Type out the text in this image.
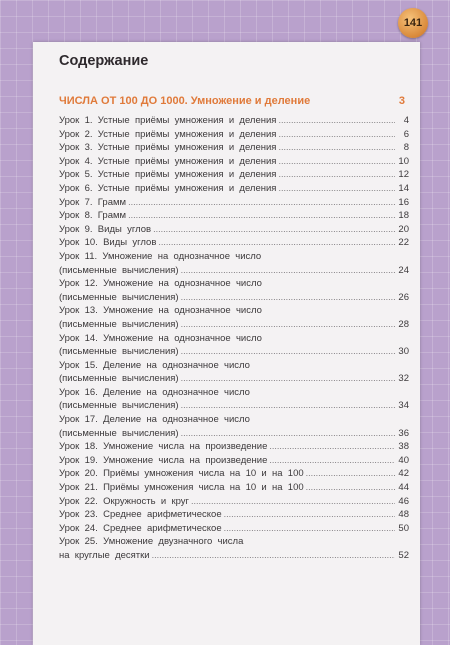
141
Содержание
ЧИСЛА ОТ 100 ДО 1000. Умножение и деление	3
Урок  1.  Устные  приёмы  умножения  и  деления .....	4
Урок  2.  Устные  приёмы  умножения  и  деления .....	6
Урок  3.  Устные  приёмы  умножения  и  деления .....	8
Урок  4.  Устные  приёмы  умножения  и  деления .....	10
Урок  5.  Устные  приёмы  умножения  и  деления .....	12
Урок  6.  Устные  приёмы  умножения  и  деления .....	14
Урок  7.  Грамм .....	16
Урок  8.  Грамм .....	18
Урок  9.  Виды  углов .....	20
Урок  10.  Виды  углов .....	22
Урок  11.  Умножение  на  однозначное  число
(письменные  вычисления) .....	24
Урок  12.  Умножение  на  однозначное  число
(письменные  вычисления) .....	26
Урок  13.  Умножение  на  однозначное  число
(письменные  вычисления) .....	28
Урок  14.  Умножение  на  однозначное  число
(письменные  вычисления) .....	30
Урок  15.  Деление  на  однозначное  число
(письменные  вычисления) .....	32
Урок  16.  Деление  на  однозначное  число
(письменные  вычисления) .....	34
Урок  17.  Деление  на  однозначное  число
(письменные  вычисления) .....	36
Урок  18.  Умножение  числа  на  произведение .....	38
Урок  19.  Умножение  числа  на  произведение .....	40
Урок  20.  Приёмы  умножения  числа  на  10  и  на  100 .....	42
Урок  21.  Приёмы  умножения  числа  на  10  и  на  100 .....	44
Урок  22.  Окружность  и  круг .....	46
Урок  23.  Среднее  арифметическое .....	48
Урок  24.  Среднее  арифметическое .....	50
Урок  25.  Умножение  двузначного  числа
на  круглые  десятки .....	52
